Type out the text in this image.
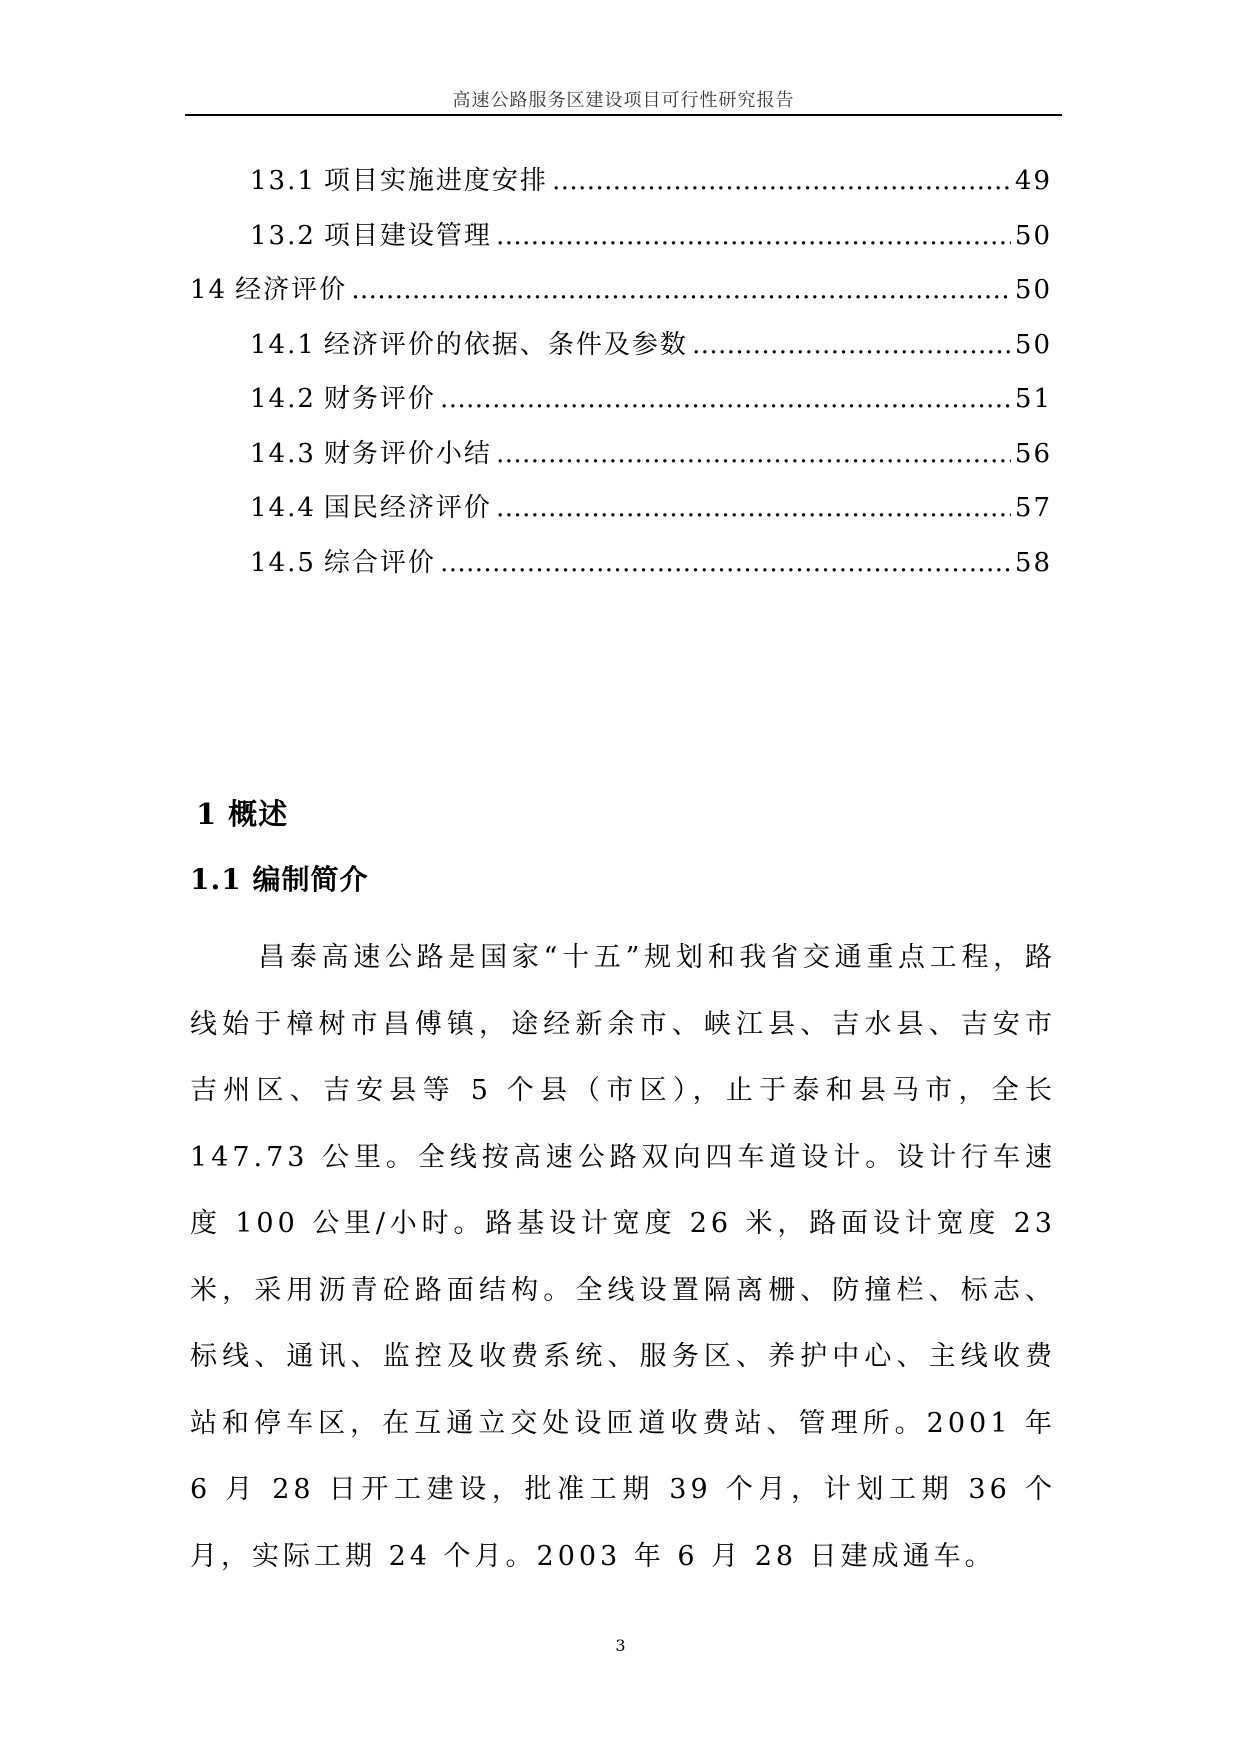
高速公路服务区建设项目可行性研究报告
13.1 项目实施进度安排 ……………………………………………………………………………………………………………………………………	49
13.2 项目建设管理 ……………………………………………………………………………………………………………………………………	50
14 经济评价 ……………………………………………………………………………………………………………………………………	50
14.1 经济评价的依据、条件及参数 ……………………………………………………………………………………………………………………………………	50
14.2 财务评价 ……………………………………………………………………………………………………………………………………	51
14.3 财务评价小结 ……………………………………………………………………………………………………………………………………	56
14.4 国民经济评价 ……………………………………………………………………………………………………………………………………	57
14.5 综合评价 ……………………………………………………………………………………………………………………………………	58
1 概述
1.1 编制简介

昌泰高速公路是国家“十五”规划和我省交通重点工程，路线始于樟树市昌傅镇，途经新余市、峡江县、吉水县、吉安市吉州区、吉安县等 5 个县（市区），止于泰和县马市，全长 147.73 公里。全线按高速公路双向四车道设计。设计行车速度 100 公里/小时。路基设计宽度 26 米，路面设计宽度 23 米，采用沥青砼路面结构。全线设置隔离栅、防撞栏、标志、标线、通讯、监控及收费系统、服务区、养护中心、主线收费站和停车区，在互通立交处设匝道收费站、管理所。2001 年 6 月 28 日开工建设，批准工期 39 个月，计划工期 36 个月，实际工期 24 个月。2003 年 6 月 28 日建成通车。

3
